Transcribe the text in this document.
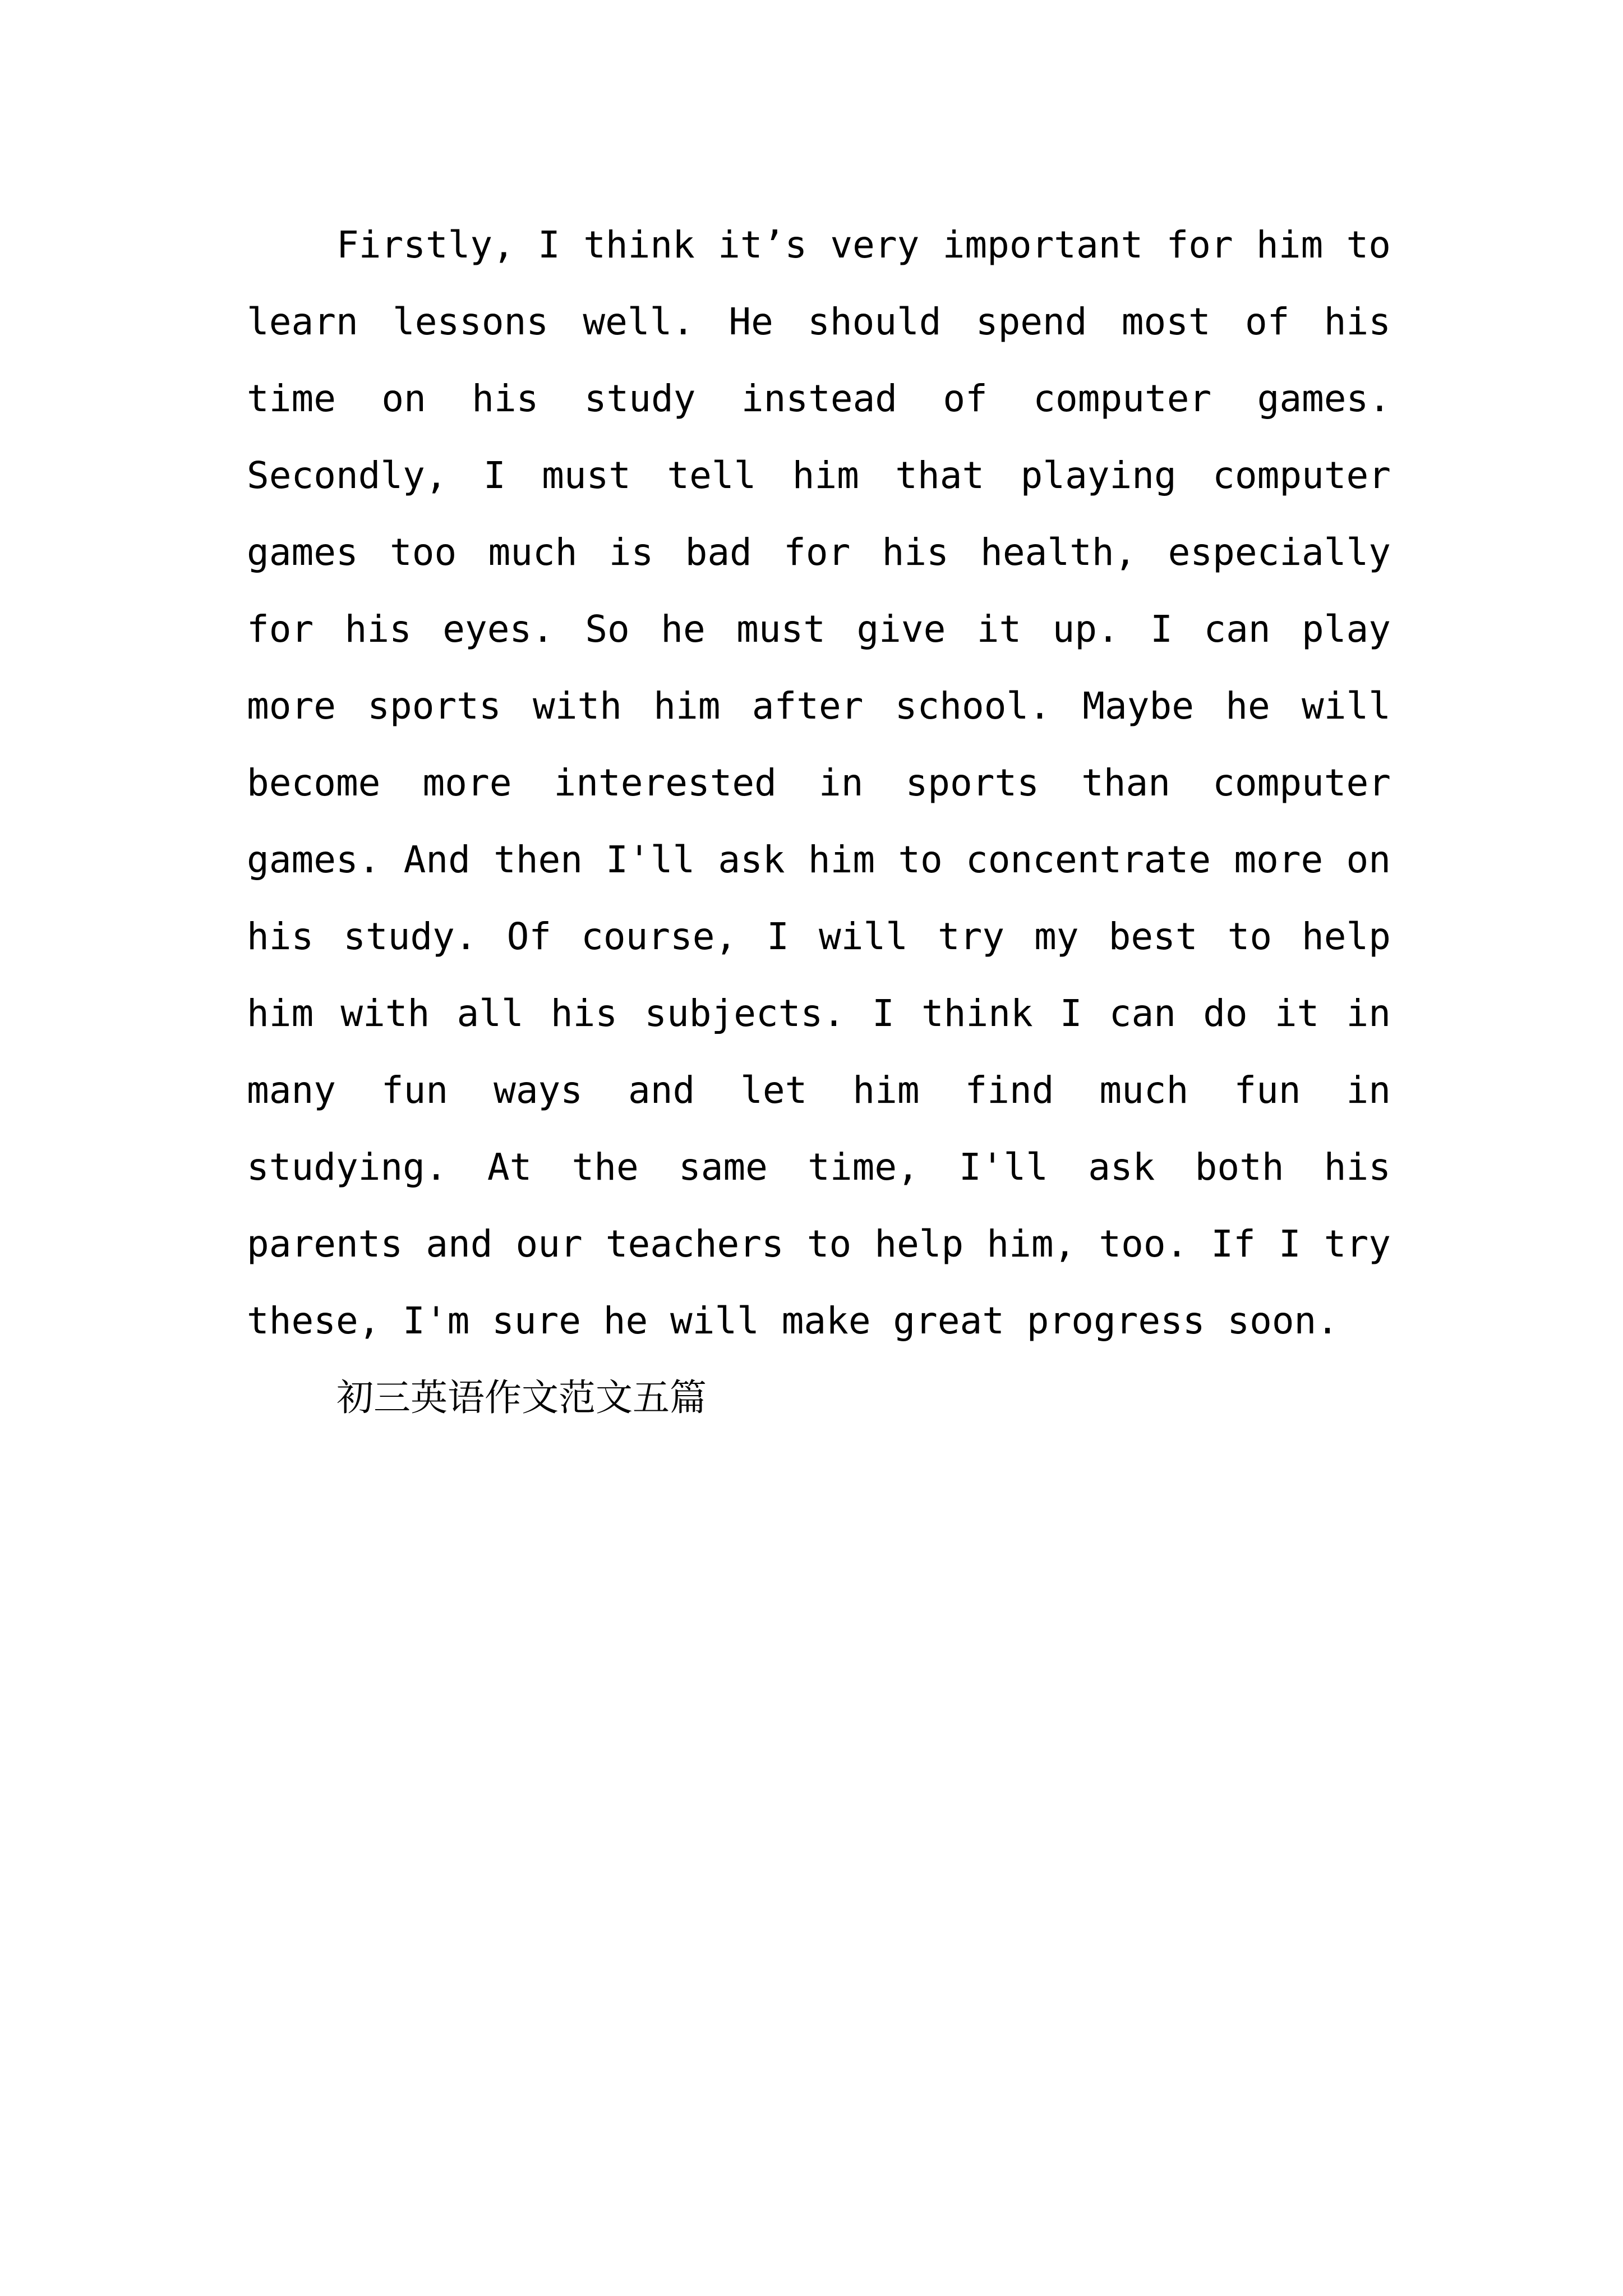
Firstly, I think it’s very important for him to learn lessons well. He should spend most of his time on his study instead of computer games. Secondly, I must tell him that playing computer games too much is bad for his health, especially for his eyes. So he must give it up. I can play more sports with him after school. Maybe he will become more interested in sports than computer games. And then I'll ask him to concentrate more on his study. Of course, I will try my best to help him with all his subjects. I think I can do it in many fun ways and let him find much fun in studying. At the same time, I'll ask both his parents and our teachers to help him, too. If I try these, I'm sure he will make great progress soon.

初三英语作文范文五篇
